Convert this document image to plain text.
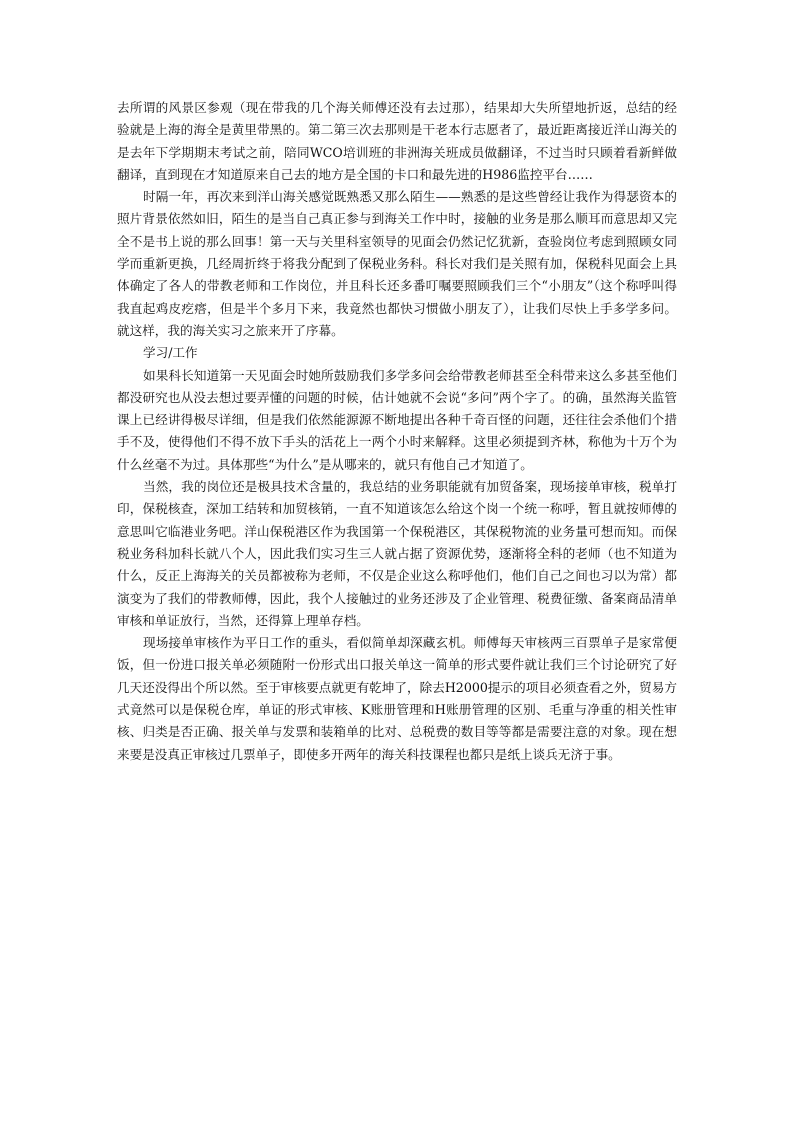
去所谓的风景区参观（现在带我的几个海关师傅还没有去过那），结果却大失所望地折返，总结的经验就是上海的海全是黄里带黑的。第二第三次去那则是干老本行志愿者了，最近距离接近洋山海关的是去年下学期期末考试之前，陪同WCO培训班的非洲海关班成员做翻译，不过当时只顾着看新鲜做翻译，直到现在才知道原来自己去的地方是全国的卡口和最先进的H986监控平台……

时隔一年，再次来到洋山海关感觉既熟悉又那么陌生——熟悉的是这些曾经让我作为得瑟资本的照片背景依然如旧，陌生的是当自己真正参与到海关工作中时，接触的业务是那么顺耳而意思却又完全不是书上说的那么回事！第一天与关里科室领导的见面会仍然记忆犹新，查验岗位考虑到照顾女同学而重新更换，几经周折终于将我分配到了保税业务科。科长对我们是关照有加，保税科见面会上具体确定了各人的带教老师和工作岗位，并且科长还多番叮嘱要照顾我们三个“小朋友”（这个称呼叫得我直起鸡皮疙瘩，但是半个多月下来，我竟然也都快习惯做小朋友了），让我们尽快上手多学多问。就这样，我的海关实习之旅来开了序幕。

学习/工作

如果科长知道第一天见面会时她所鼓励我们多学多问会给带教老师甚至全科带来这么多甚至他们都没研究也从没去想过要弄懂的问题的时候，估计她就不会说“多问”两个字了。的确，虽然海关监管课上已经讲得极尽详细，但是我们依然能源源不断地提出各种千奇百怪的问题，还往往会杀他们个措手不及，使得他们不得不放下手头的活花上一两个小时来解释。这里必须提到齐林，称他为十万个为什么丝毫不为过。具体那些“为什么”是从哪来的，就只有他自己才知道了。

当然，我的岗位还是极具技术含量的，我总结的业务职能就有加贸备案，现场接单审核，税单打印，保税核查，深加工结转和加贸核销，一直不知道该怎么给这个岗一个统一称呼，暂且就按师傅的意思叫它临港业务吧。洋山保税港区作为我国第一个保税港区，其保税物流的业务量可想而知。而保税业务科加科长就八个人，因此我们实习生三人就占据了资源优势，逐渐将全科的老师（也不知道为什么，反正上海海关的关员都被称为老师，不仅是企业这么称呼他们，他们自己之间也习以为常）都演变为了我们的带教师傅，因此，我个人接触过的业务还涉及了企业管理、税费征缴、备案商品清单审核和单证放行，当然，还得算上理单存档。

现场接单审核作为平日工作的重头，看似简单却深藏玄机。师傅每天审核两三百票单子是家常便饭，但一份进口报关单必须随附一份形式出口报关单这一简单的形式要件就让我们三个讨论研究了好几天还没得出个所以然。至于审核要点就更有乾坤了，除去H2000提示的项目必须查看之外，贸易方式竟然可以是保税仓库，单证的形式审核、K账册管理和H账册管理的区别、毛重与净重的相关性审核、归类是否正确、报关单与发票和装箱单的比对、总税费的数目等等都是需要注意的对象。现在想来要是没真正审核过几票单子，即使多开两年的海关科技课程也都只是纸上谈兵无济于事。
